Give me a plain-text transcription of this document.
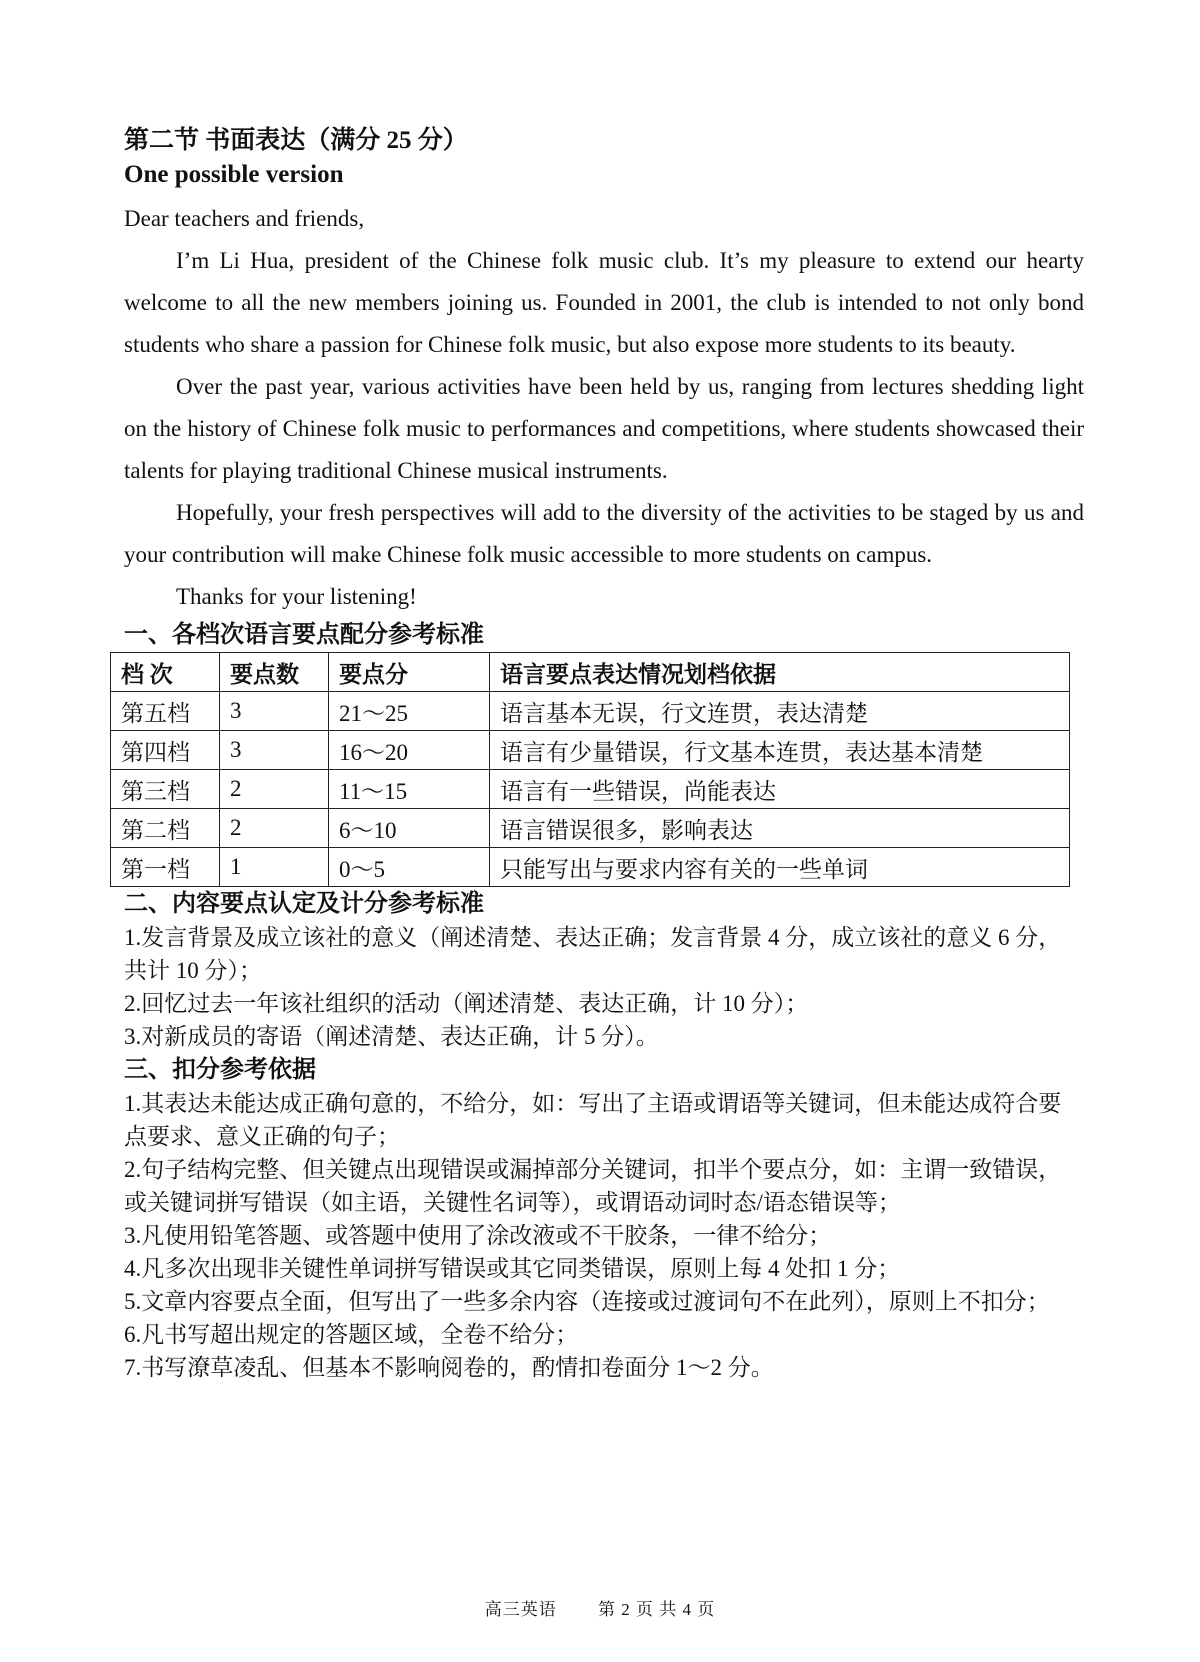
第二节 书面表达（满分 25 分）

One possible version

Dear teachers and friends,

I’m Li Hua, president of the Chinese folk music club. It’s my pleasure to extend our hearty welcome to all the new members joining us. Founded in 2001, the club is intended to not only bond students who share a passion for Chinese folk music, but also expose more students to its beauty.

Over the past year, various activities have been held by us, ranging from lectures shedding light on the history of Chinese folk music to performances and competitions, where students showcased their talents for playing traditional Chinese musical instruments.

Hopefully, your fresh perspectives will add to the diversity of the activities to be staged by us and your contribution will make Chinese folk music accessible to more students on campus.

Thanks for your listening!

一、各档次语言要点配分参考标准

档 次	要点数	要点分	语言要点表达情况划档依据
第五档	3	21～25	语言基本无误，行文连贯，表达清楚
第四档	3	16～20	语言有少量错误，行文基本连贯，表达基本清楚
第三档	2	11～15	语言有一些错误，尚能表达
第二档	2	6～10	语言错误很多，影响表达
第一档	1	0～5	只能写出与要求内容有关的一些单词

二、内容要点认定及计分参考标准

1.发言背景及成立该社的意义（阐述清楚、表达正确；发言背景 4 分，成立该社的意义 6 分，共计 10 分）；

2.回忆过去一年该社组织的活动（阐述清楚、表达正确，计 10 分）；

3.对新成员的寄语（阐述清楚、表达正确，计 5 分）。

三、扣分参考依据

1.其表达未能达成正确句意的，不给分，如：写出了主语或谓语等关键词，但未能达成符合要点要求、意义正确的句子；

2.句子结构完整、但关键点出现错误或漏掉部分关键词，扣半个要点分，如：主谓一致错误，或关键词拼写错误（如主语，关键性名词等），或谓语动词时态/语态错误等；

3.凡使用铅笔答题、或答题中使用了涂改液或不干胶条，一律不给分；

4.凡多次出现非关键性单词拼写错误或其它同类错误，原则上每 4 处扣 1 分；

5.文章内容要点全面，但写出了一些多余内容（连接或过渡词句不在此列），原则上不扣分；

6.凡书写超出规定的答题区域，全卷不给分；

7.书写潦草凌乱、但基本不影响阅卷的，酌情扣卷面分 1～2 分。

高三英语 第 2 页 共 4 页
